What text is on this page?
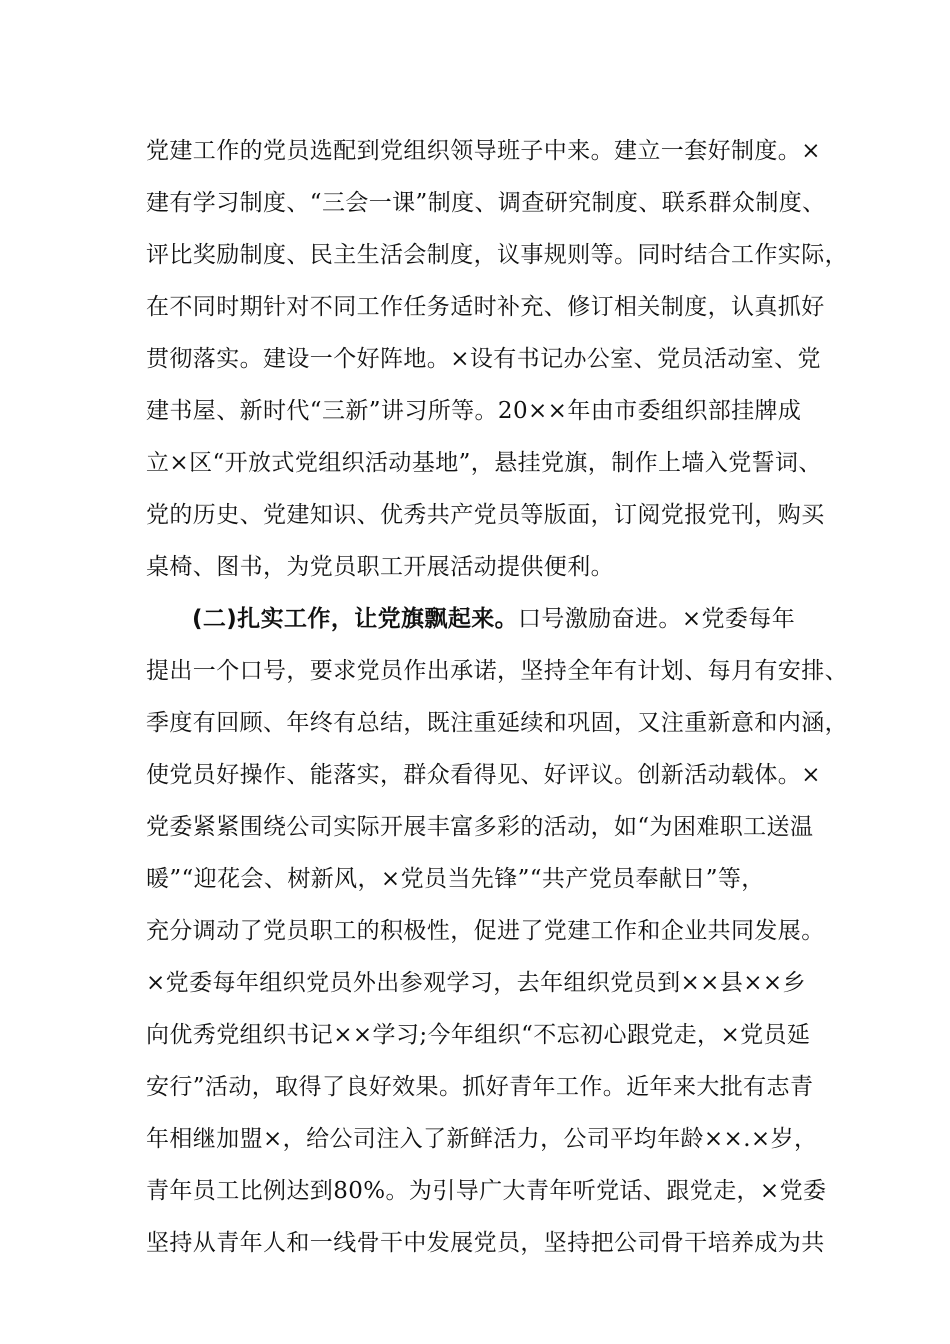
党建工作的党员选配到党组织领导班子中来。建立一套好制度。×
建有学习制度、“三会一课”制度、调查研究制度、联系群众制度、
评比奖励制度、民主生活会制度，议事规则等。同时结合工作实际，
在不同时期针对不同工作任务适时补充、修订相关制度，认真抓好
贯彻落实。建设一个好阵地。×设有书记办公室、党员活动室、党
建书屋、新时代“三新”讲习所等。20××年由市委组织部挂牌成
立×区“开放式党组织活动基地”，悬挂党旗，制作上墙入党誓词、
党的历史、党建知识、优秀共产党员等版面，订阅党报党刊，购买
桌椅、图书，为党员职工开展活动提供便利。
(二)扎实工作，让党旗飘起来。口号激励奋进。×党委每年
提出一个口号，要求党员作出承诺，坚持全年有计划、每月有安排、
季度有回顾、年终有总结，既注重延续和巩固，又注重新意和内涵，
使党员好操作、能落实，群众看得见、好评议。创新活动载体。×
党委紧紧围绕公司实际开展丰富多彩的活动，如“为困难职工送温
暖”“迎花会、树新风，×党员当先锋”“共产党员奉献日”等，
充分调动了党员职工的积极性，促进了党建工作和企业共同发展。
×党委每年组织党员外出参观学习，去年组织党员到××县××乡
向优秀党组织书记××学习;今年组织“不忘初心跟党走，×党员延
安行”活动，取得了良好效果。抓好青年工作。近年来大批有志青
年相继加盟×，给公司注入了新鲜活力，公司平均年龄××.×岁，
青年员工比例达到80%。为引导广大青年听党话、跟党走，×党委
坚持从青年人和一线骨干中发展党员，坚持把公司骨干培养成为共
